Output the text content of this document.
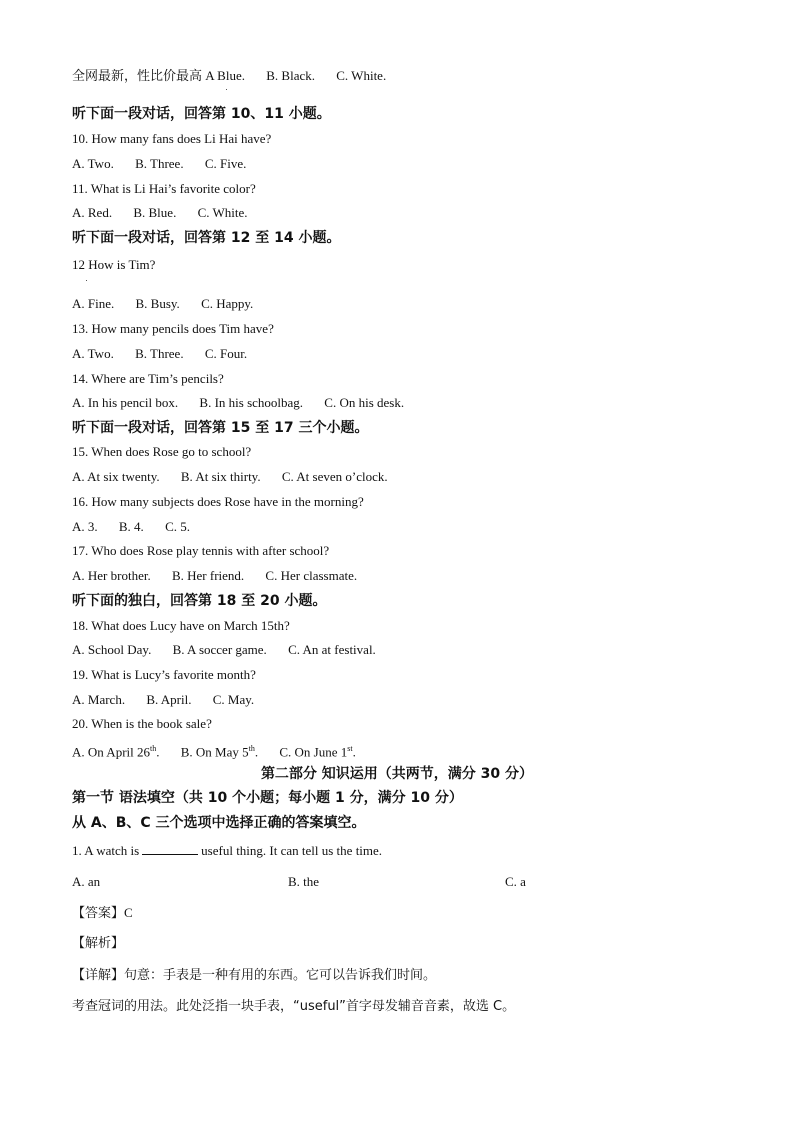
全网最新，性比价最高 A Blue. B. Black. C. White.
听下面一段对话，回答第 10、11 小题。
10. How many fans does Li Hai have?
A. Two. B. Three. C. Five.
11. What is Li Hai’s favorite color?
A. Red. B. Blue. C. White.
听下面一段对话，回答第 12 至 14 小题。
12 How is Tim?
A. Fine. B. Busy. C. Happy.
13. How many pencils does Tim have?
A. Two. B. Three. C. Four.
14. Where are Tim’s pencils?
A. In his pencil box. B. In his schoolbag. C. On his desk.
听下面一段对话，回答第 15 至 17 三个小题。
15. When does Rose go to school?
A. At six twenty. B. At six thirty. C. At seven o’clock.
16. How many subjects does Rose have in the morning?
A. 3. B. 4. C. 5.
17. Who does Rose play tennis with after school?
A. Her brother. B. Her friend. C. Her classmate.
听下面的独白，回答第 18 至 20 小题。
18. What does Lucy have on March 15th?
A. School Day. B. A soccer game. C. An at festival.
19. What is Lucy’s favorite month?
A. March. B. April. C. May.
20. When is the book sale?
A. On April 26th. B. On May 5th. C. On June 1st.
第二部分 知识运用（共两节，满分 30 分）
第一节 语法填空（共 10 个小题；每小题 1 分，满分 10 分）
从 A、B、C 三个选项中选择正确的答案填空。
1. A watch is	useful thing. It can tell us the time.
A. an	B. the	C. a
【答案】C
【解析】
【详解】句意：手表是一种有用的东西。它可以告诉我们时间。
考查冠词的用法。此处泛指一块手表，“useful”首字母发辅音音素，故选 C。
